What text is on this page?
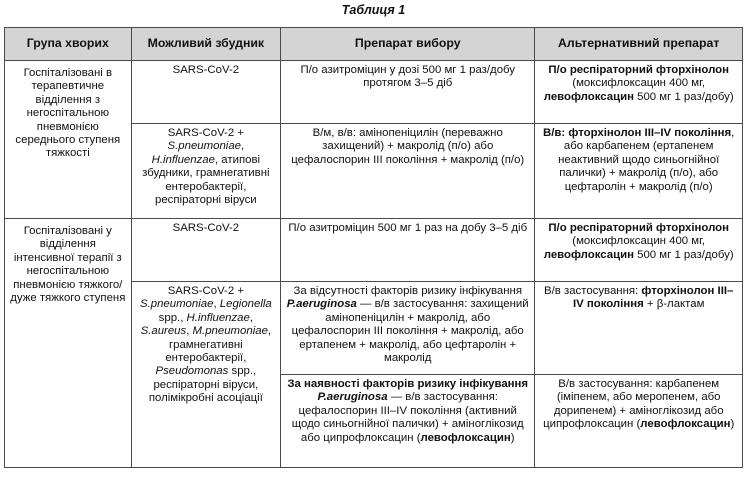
Таблиця 1
Група хворих	Можливий збудник	Препарат вибору	Альтернативний препарат
Госпіталізовані в терапевтичне відділення з негоспітальною пневмонією середнього ступеня тяжкості	SARS-CoV-2	П/о азитроміцин у дозі 500 мг 1 раз/добу протягом 3–5 діб	П/о респіраторний фторхінолон (моксифлоксацин 400 мг, левофлоксацин 500 мг 1 раз/добу)
	SARS-CoV-2 + S.pneumoniae, H.influenzae, атипові збудники, грамнегативні ентеробактерії, респіраторні віруси	В/м, в/в: амінопеніцилін (переважно захищений) + макролід (п/о) або цефалоспорин III покоління + макролід (п/о)	В/в: фторхінолон III–IV покоління, або карбапенем (ертапенем неактивний щодо синьогнійної палички) + макролід (п/о), або цефтаролін + макролід (п/о)
Госпіталізовані у відділення інтенсивної терапії з негоспітальною пневмонією тяжкого/дуже тяжкого ступеня	SARS-CoV-2	П/о азитроміцин 500 мг 1 раз на добу 3–5 діб	П/о респіраторний фторхінолон (моксифлоксацин 400 мг, левофлоксацин 500 мг 1 раз/добу)
	SARS-CoV-2 + S.pneumoniae, Legionella spp., H.influenzae, S.aureus, M.pneumoniae, грамнегативні ентеробактерії, Pseudomonas spp., респіраторні віруси, полімікробні асоціації	За відсутності факторів ризику інфікування P.aeruginosa — в/в застосування: захищений амінопеніцилін + макролід, або цефалоспорин III покоління + макролід, або ертапенем + макролід, або цефтаролін + макролід	В/в застосування: фторхінолон III–IV покоління + β-лактам
		За наявності факторів ризику інфікування P.aeruginosa — в/в застосування: цефалоспорин III–IV покоління (активний щодо синьогнійної палички) + аміноглікозид або ципрофлоксацин (левофлоксацин)	В/в застосування: карбапенем (іміпенем, або меропенем, або дорипенем) + аміноглікозид або ципрофлоксацин (левофлоксацин)
